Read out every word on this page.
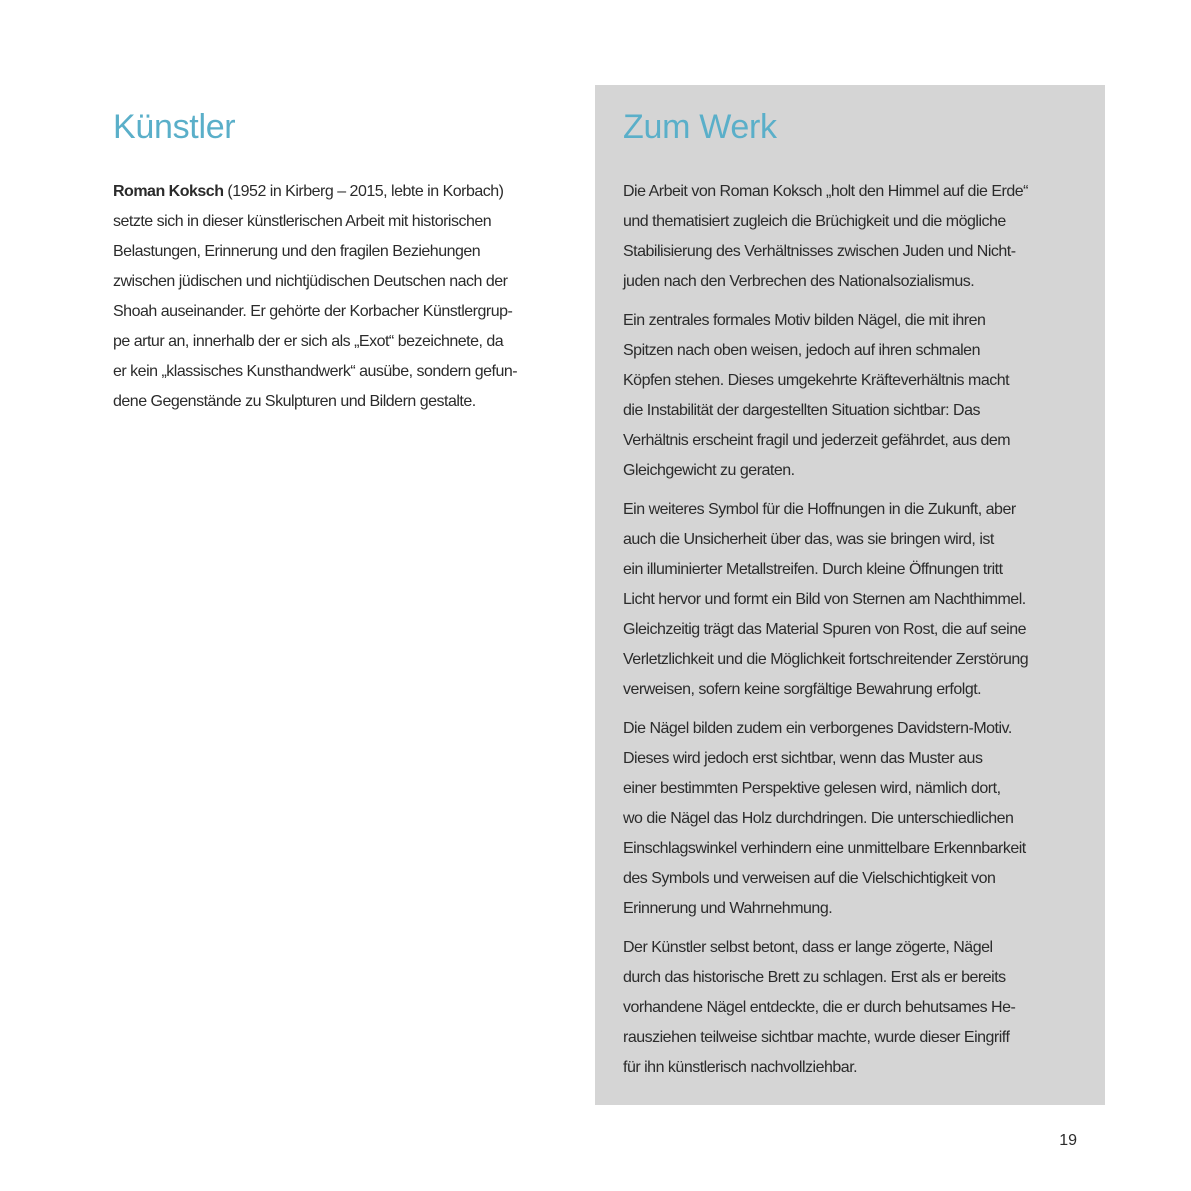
Künstler

Roman Koksch (1952 in Kirberg – 2015, lebte in Korbach)
setzte sich in dieser künstlerischen Arbeit mit historischen
Belastungen, Erinnerung und den fragilen Beziehungen
zwischen jüdischen und nichtjüdischen Deutschen nach der
Shoah auseinander. Er gehörte der Korbacher Künstlergrup-
pe artur an, innerhalb der er sich als „Exot“ bezeichnete, da
er kein „klassisches Kunsthandwerk“ ausübe, sondern gefun-
dene Gegenstände zu Skulpturen und Bildern gestalte.

Zum Werk

Die Arbeit von Roman Koksch „holt den Himmel auf die Erde“
und thematisiert zugleich die Brüchigkeit und die mögliche
Stabilisierung des Verhältnisses zwischen Juden und Nicht-
juden nach den Verbrechen des Nationalsozialismus.

Ein zentrales formales Motiv bilden Nägel, die mit ihren
Spitzen nach oben weisen, jedoch auf ihren schmalen
Köpfen stehen. Dieses umgekehrte Kräfteverhältnis macht
die Instabilität der dargestellten Situation sichtbar: Das
Verhältnis erscheint fragil und jederzeit gefährdet, aus dem
Gleichgewicht zu geraten.

Ein weiteres Symbol für die Hoffnungen in die Zukunft, aber
auch die Unsicherheit über das, was sie bringen wird, ist
ein illuminierter Metallstreifen. Durch kleine Öffnungen tritt
Licht hervor und formt ein Bild von Sternen am Nachthimmel.
Gleichzeitig trägt das Material Spuren von Rost, die auf seine
Verletzlichkeit und die Möglichkeit fortschreitender Zerstörung
verweisen, sofern keine sorgfältige Bewahrung erfolgt.

Die Nägel bilden zudem ein verborgenes Davidstern-Motiv.
Dieses wird jedoch erst sichtbar, wenn das Muster aus
einer bestimmten Perspektive gelesen wird, nämlich dort,
wo die Nägel das Holz durchdringen. Die unterschiedlichen
Einschlagswinkel verhindern eine unmittelbare Erkennbarkeit
des Symbols und verweisen auf die Vielschichtigkeit von
Erinnerung und Wahrnehmung.

Der Künstler selbst betont, dass er lange zögerte, Nägel
durch das historische Brett zu schlagen. Erst als er bereits
vorhandene Nägel entdeckte, die er durch behutsames He-
rausziehen teilweise sichtbar machte, wurde dieser Eingriff
für ihn künstlerisch nachvollziehbar.

19
